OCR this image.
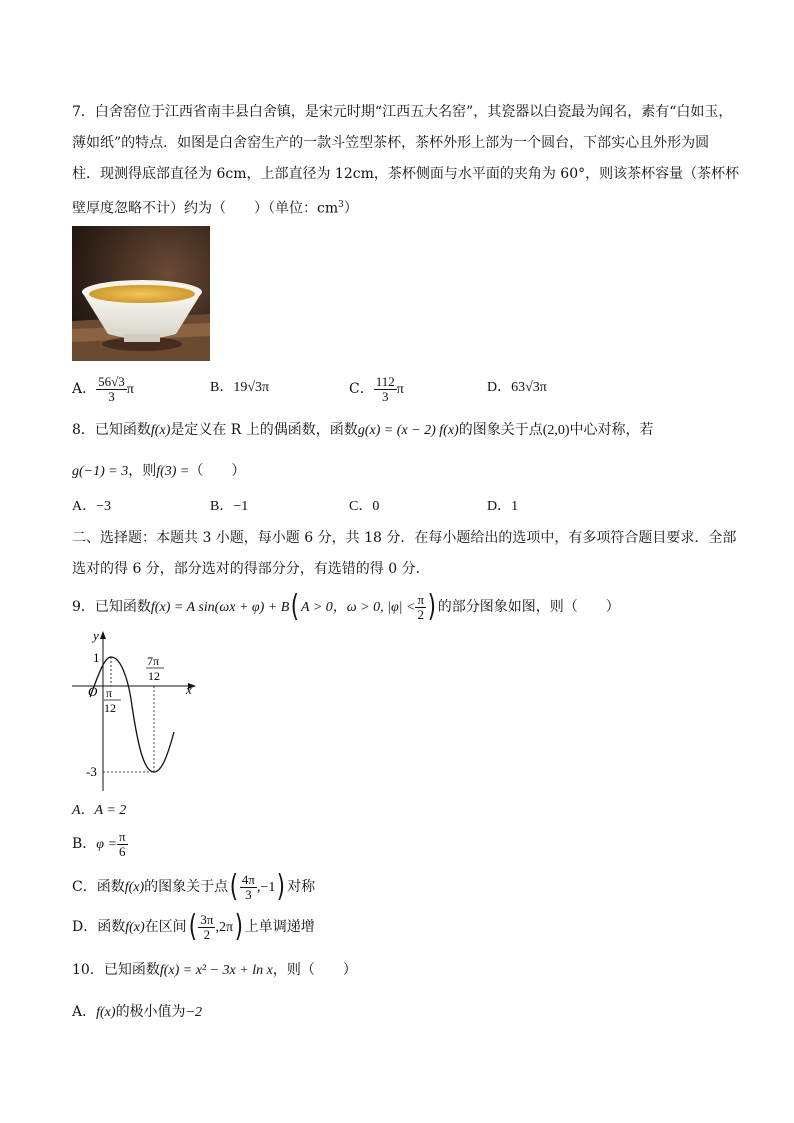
7．白舍窑位于江西省南丰县白舍镇，是宋元时期“江西五大名窑”，其瓷器以白瓷最为闻名，素有“白如玉，
薄如纸”的特点．如图是白舍窑生产的一款斗笠型茶杯，茶杯外形上部为一个圆台，下部实心且外形为圆
柱．现测得底部直径为 6cm，上部直径为 12cm，茶杯侧面与水平面的夹角为 60°，则该茶杯容量（茶杯杯
壁厚度忽略不计）约为（　　）（单位：$cm^3$）
A． $\frac{56√3}{3}$ π	B．19√3π	C． $\frac{112}{3}$ π	D．63√3π
8．已知函数f(x)是定义在 R 上的偶函数，函数g(x) = (x − 2) f(x)的图象关于点(2,0)中心对称，若
g(−1) = 3，则f(3) =（　　）
A．−3	B．−1	C．0	D．1
二、选择题：本题共 3 小题，每小题 6 分，共 18 分．在每小题给出的选项中，有多项符合题目要求．全部
选对的得 6 分，部分选对的得部分分，有选错的得 0 分．
9．已知函数f(x) = A sin(ωx + φ) + B( A > 0，ω > 0, $|\varphi| < \frac{\pi}{2}$ ) 的部分图象如图，则（　　）
y
x
O
1
-3
π
12
7π
12
A．A = 2
B．$\varphi = \frac{\pi}{6}$
C．函数f(x)的图象关于点( $\frac{4\pi}{3} ,-1$) 对称
D．函数f(x)在区间( $\frac{3\pi}{2} ,2\pi$) 上单调递增
10．已知函数f(x) = x² − 3x + ln x，则（　　）
A．f(x)的极小值为−2
